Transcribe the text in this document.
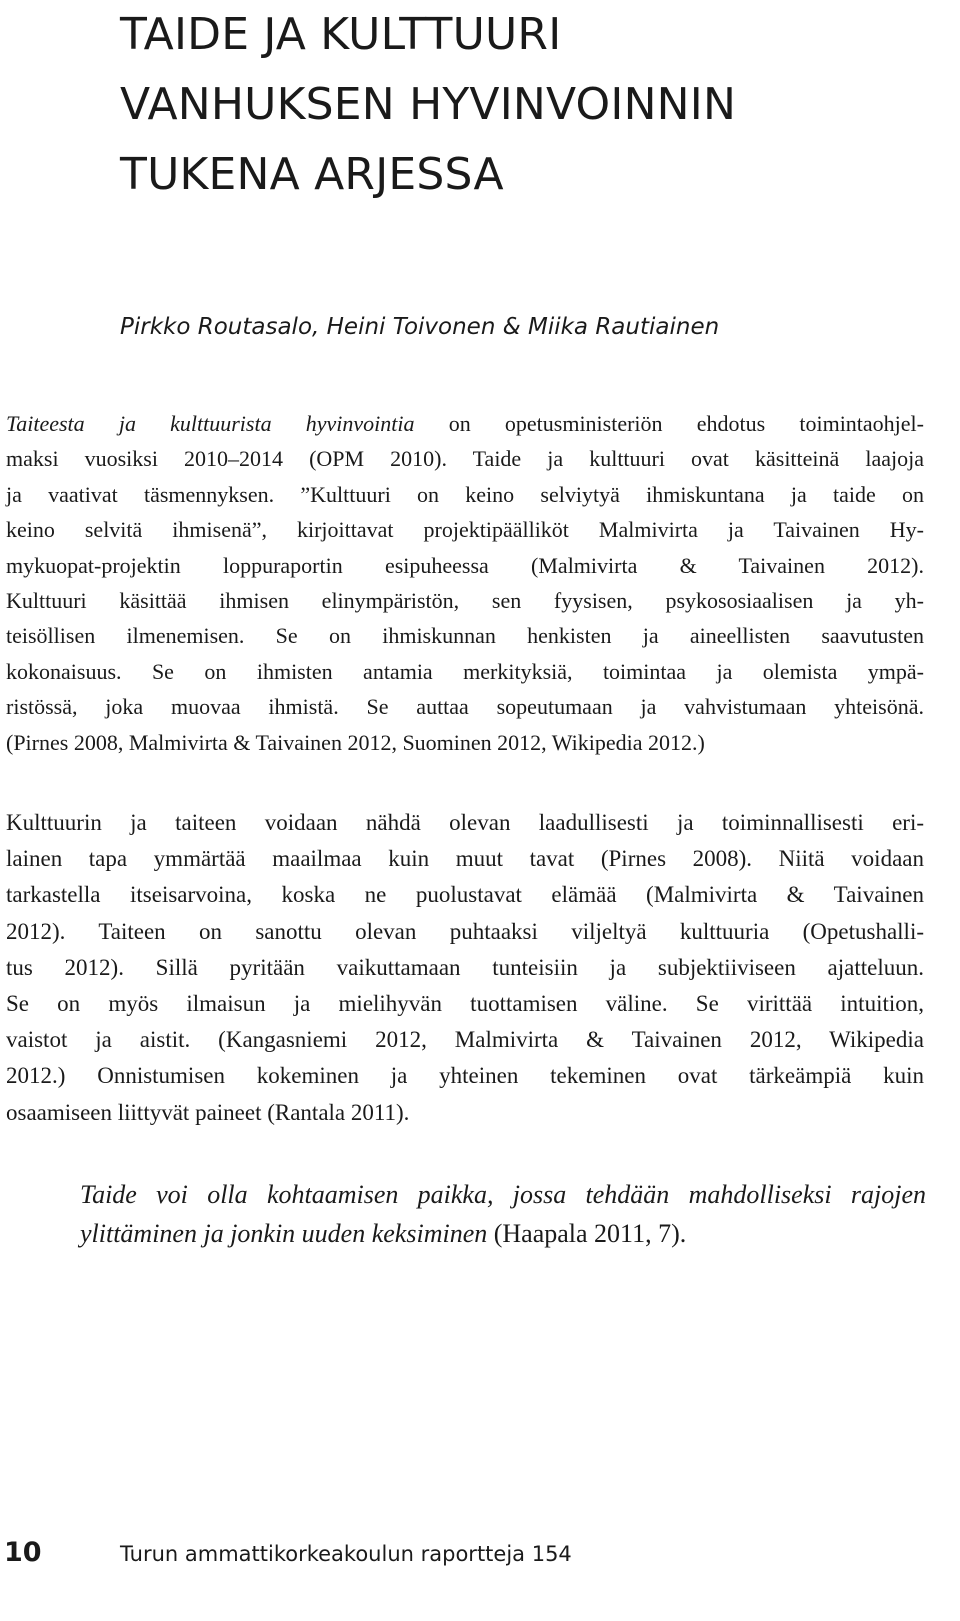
TAIDE JA KULTTUURI
VANHUKSEN HYVINVOINNIN
TUKENA ARJESSA

Pirkko Routasalo, Heini Toivonen & Miika Rautiainen

Taiteesta ja kulttuurista hyvinvointia on opetusministeriön ehdotus toimintaohjel-
maksi vuosiksi 2010–2014 (OPM 2010). Taide ja kulttuuri ovat käsitteinä laajoja
ja vaativat täsmennyksen. ”Kulttuuri on keino selviytyä ihmiskuntana ja taide on
keino selvitä ihmisenä”, kirjoittavat projektipäälliköt Malmivirta ja Taivainen Hy-
mykuopat-projektin loppuraportin esipuheessa (Malmivirta & Taivainen 2012).
Kulttuuri käsittää ihmisen elinympäristön, sen fyysisen, psykososiaalisen ja yh-
teisöllisen ilmenemisen. Se on ihmiskunnan henkisten ja aineellisten saavutusten
kokonaisuus. Se on ihmisten antamia merkityksiä, toimintaa ja olemista ympä-
ristössä, joka muovaa ihmistä. Se auttaa sopeutumaan ja vahvistumaan yhteisönä.
(Pirnes 2008, Malmivirta & Taivainen 2012, Suominen 2012, Wikipedia 2012.)
Kulttuurin ja taiteen voidaan nähdä olevan laadullisesti ja toiminnallisesti eri-
lainen tapa ymmärtää maailmaa kuin muut tavat (Pirnes 2008). Niitä voidaan
tarkastella itseisarvoina, koska ne puolustavat elämää (Malmivirta & Taivainen
2012). Taiteen on sanottu olevan puhtaaksi viljeltyä kulttuuria (Opetushalli-
tus 2012). Sillä pyritään vaikuttamaan tunteisiin ja subjektiiviseen ajatteluun.
Se on myös ilmaisun ja mielihyvän tuottamisen väline. Se virittää intuition,
vaistot ja aistit. (Kangasniemi 2012, Malmivirta & Taivainen 2012, Wikipedia
2012.) Onnistumisen kokeminen ja yhteinen tekeminen ovat tärkeämpiä kuin
osaamiseen liittyvät paineet (Rantala 2011).
Taide voi olla kohtaamisen paikka, jossa tehdään mahdolliseksi rajojen
ylittäminen ja jonkin uuden keksiminen (Haapala 2011, 7).
10	Turun ammattikorkeakoulun raportteja 154
